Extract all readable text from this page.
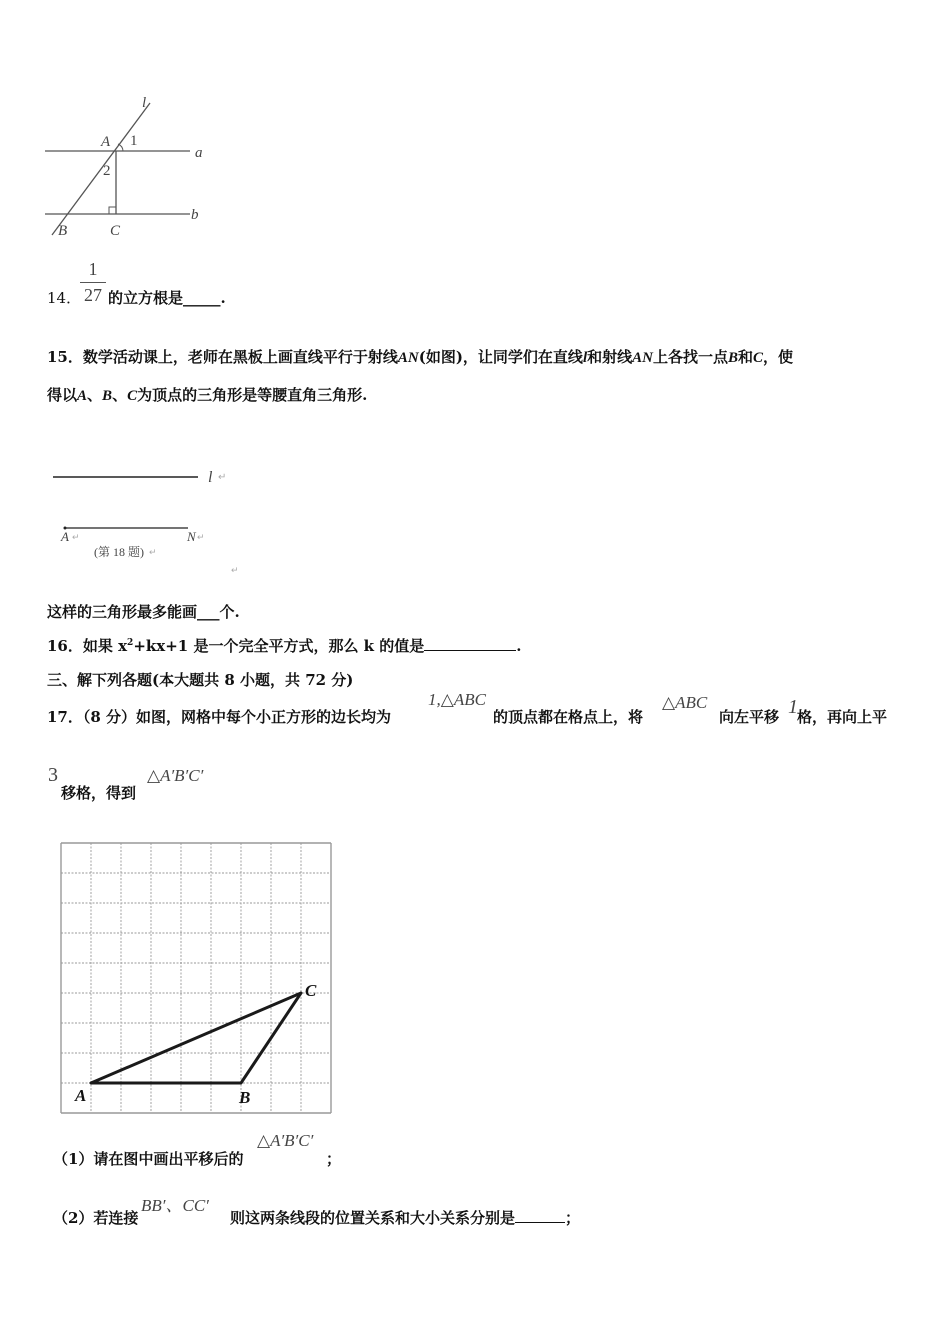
l
a
b
A 1
2
B	C
14．
1
27 的立方根是_____.
15．数学活动课上，老师在黑板上画直线平行于射线AN(如图)，让同学们在直线l和射线AN上各找一点B和C，使
得以A、B、C为顶点的三角形是等腰直角三角形.
l ↵
A ↵	N ↵
(第 18 题) ↵
↵
这样的三角形最多能画___个.
16．如果 $x^2+kx+1$ 是一个完全平方式，那么 k 的值是	.
三、解下列各题(本大题共 8 小题，共 72 分)
17．（8 分）如图，网格中每个小正方形的边长均为
1,△ABC
的顶点都在格点上，将
△ABC
向左平移 1 格，再向上平
3
移格，得到
△A′B′C′
A	B
C
（1）请在图中画出平移后的
△A′B′C′
；
（2）若连接
BB′、CC′
则这两条线段的位置关系和大小关系分别是	；
